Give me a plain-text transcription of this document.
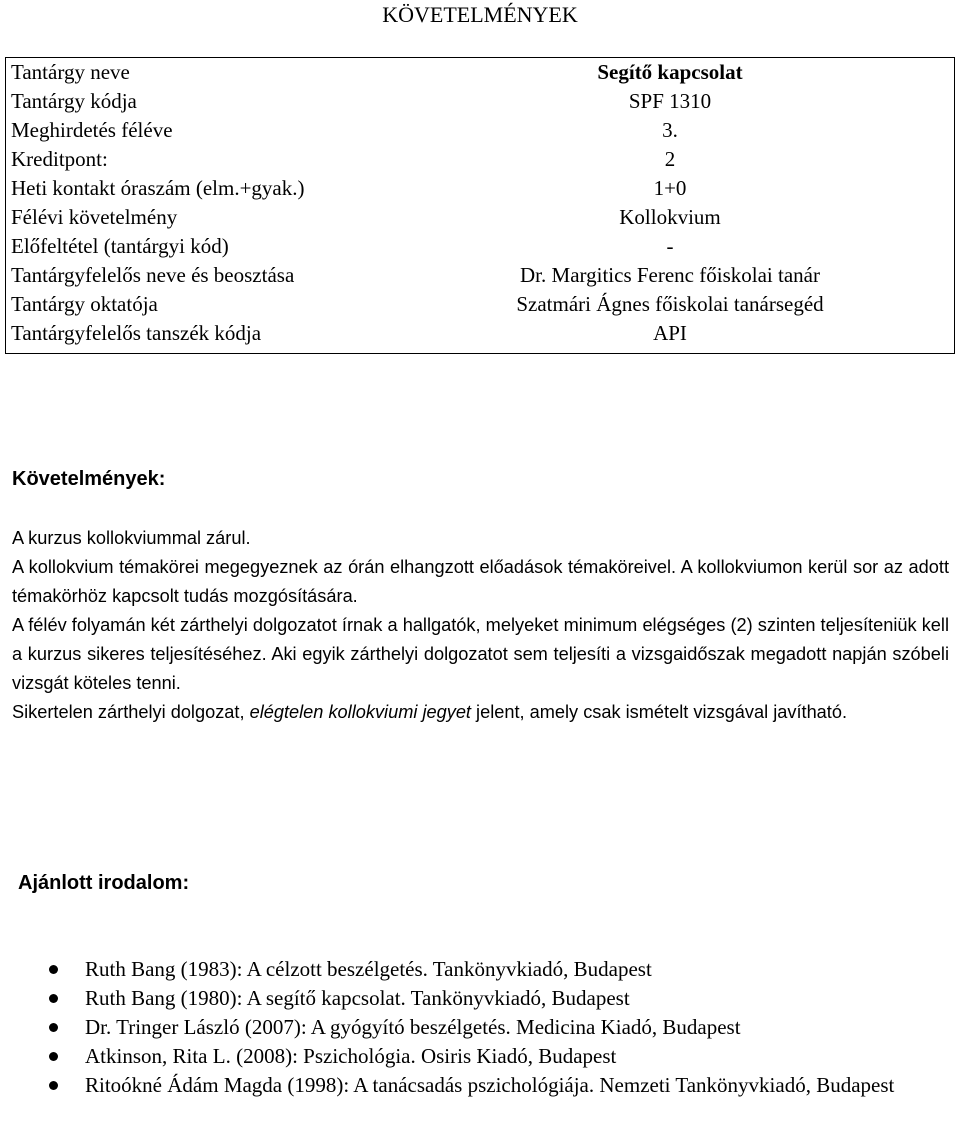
KÖVETELMÉNYEK
Tantárgy neve	Segítő kapcsolat
Tantárgy kódja	SPF 1310
Meghirdetés féléve	3.
Kreditpont:	2
Heti kontakt óraszám (elm.+gyak.)	1+0
Félévi követelmény	Kollokvium
Előfeltétel (tantárgyi kód)	-
Tantárgyfelelős neve és beosztása	Dr. Margitics Ferenc főiskolai tanár
Tantárgy oktatója	Szatmári Ágnes főiskolai tanársegéd
Tantárgyfelelős tanszék kódja	API
Követelmények:

A kurzus kollokviummal zárul.

A kollokvium témakörei megegyeznek az órán elhangzott előadások témaköreivel. A kollokviumon kerül sor az adott témakörhöz kapcsolt tudás mozgósítására.

A félév folyamán két zárthelyi dolgozatot írnak a hallgatók, melyeket minimum elégséges (2) szinten teljesíteniük kell a kurzus sikeres teljesítéséhez. Aki egyik zárthelyi dolgozatot sem teljesíti a vizsgaidőszak megadott napján szóbeli vizsgát köteles tenni.

Sikertelen zárthelyi dolgozat, elégtelen kollokviumi jegyet jelent, amely csak ismételt vizsgával javítható.

Ajánlott irodalom:
Ruth Bang (1983): A célzott beszélgetés. Tankönyvkiadó, Budapest
Ruth Bang (1980): A segítő kapcsolat. Tankönyvkiadó, Budapest
Dr. Tringer László (2007): A gyógyító beszélgetés. Medicina Kiadó, Budapest
Atkinson, Rita L. (2008): Pszichológia. Osiris Kiadó, Budapest
Ritoókné Ádám Magda (1998): A tanácsadás pszichológiája. Nemzeti Tankönyvkiadó, Budapest
